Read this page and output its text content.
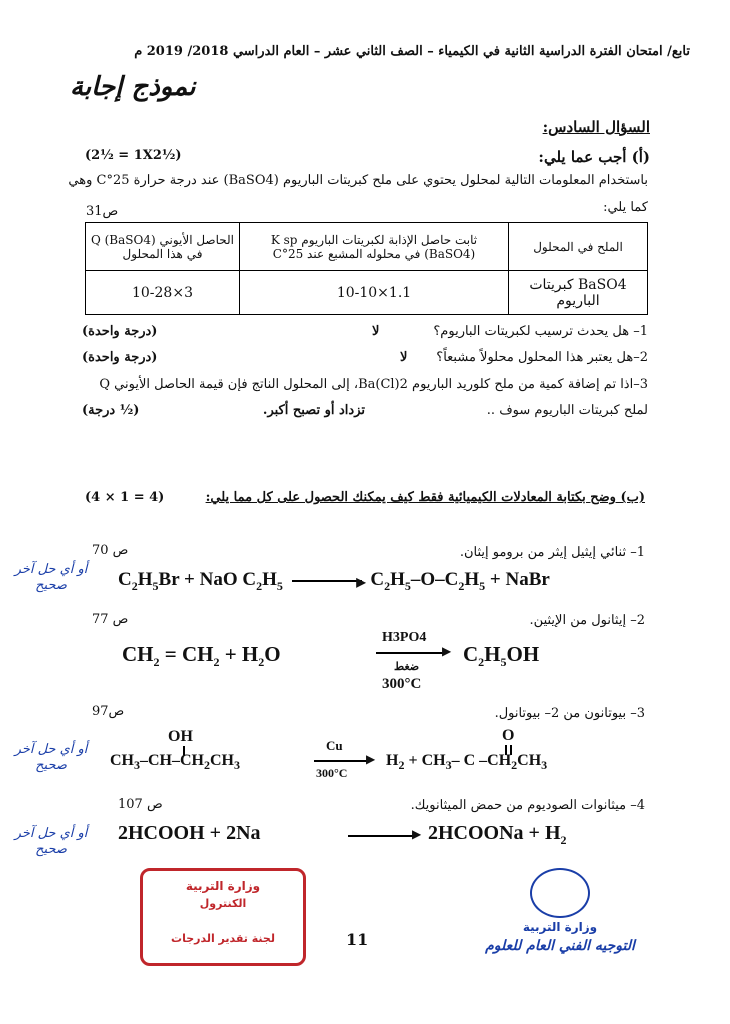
تابع/ امتحان الفترة الدراسية الثانية في الكيمياء – الصف الثاني عشر – العام الدراسي 2018/ 2019 م
نموذج إجابة
السؤال السادس:
(أ) أجب عما يلي:
(2½ = 1X2½)
باستخدام المعلومات التالية لمحلول يحتوي على ملح كبريتات الباريوم (BaSO4) عند درجة حرارة 25°C وهي
كما يلي:
ص31
الملح في المحلول	ثابت حاصل الإذابة لكبريتات الباريوم K sp (BaSO4) في محلوله المشبع عند 25°C	الحاصل الأيوني Q (BaSO4) في هذا المحلول
BaSO4 كبريتات الباريوم	1.1×10-10	3×10-28
1– هل يحدث ترسيب لكبريتات الباريوم؟
لا
(درجة واحدة)
2–هل يعتبر هذا المحلول محلولاً مشبعاً؟
لا
(درجة واحدة)
3–اذا تم إضافة كمية من ملح كلوريد الباريوم Ba(Cl)2، إلى المحلول الناتج فإن قيمة الحاصل الأيوني Q
لملح كبريتات الباريوم سوف ..
تزداد أو تصبح أكبر.
(½ درجة)
(ب) وضح بكتابة المعادلات الكيميائية فقط كيف يمكنك الحصول على كل مما يلي:
(4 × 1 = 4)
1– ثنائي إيثيل إيثر من برومو إيثان.
ص 70
$C_2H_5Br$ + NaO $C_2H_5$	▶ $C_2H_5-O-C_2H_5$ + NaBr
أو أي حل آخر صحيح
2– إيثانول من الإيثين.
ص 77
$CH_2 = CH_2 + H_2O$
H3PO4
▶
ضغط
300°C
$C_2H_5OH$
3– بيوتانون من 2– بيوتانول.
ص97
OH
$CH_3-CH-CH_2CH_3$
Cu
▶
300°C
O
$H_2 + CH_3-$ C $-CH_2CH_3$
أو أي حل آخر صحيح
4– ميثانوات الصوديوم من حمض الميثانويك.
ص 107
2HCOOH + 2Na	▶ 2HCOONa + $H_2$
أو أي حل آخر صحيح
وزارة التربية
الكنترول
لجنة تقدير الدرجات	11
وزارة التربية
التوجيه الفني العام للعلوم
